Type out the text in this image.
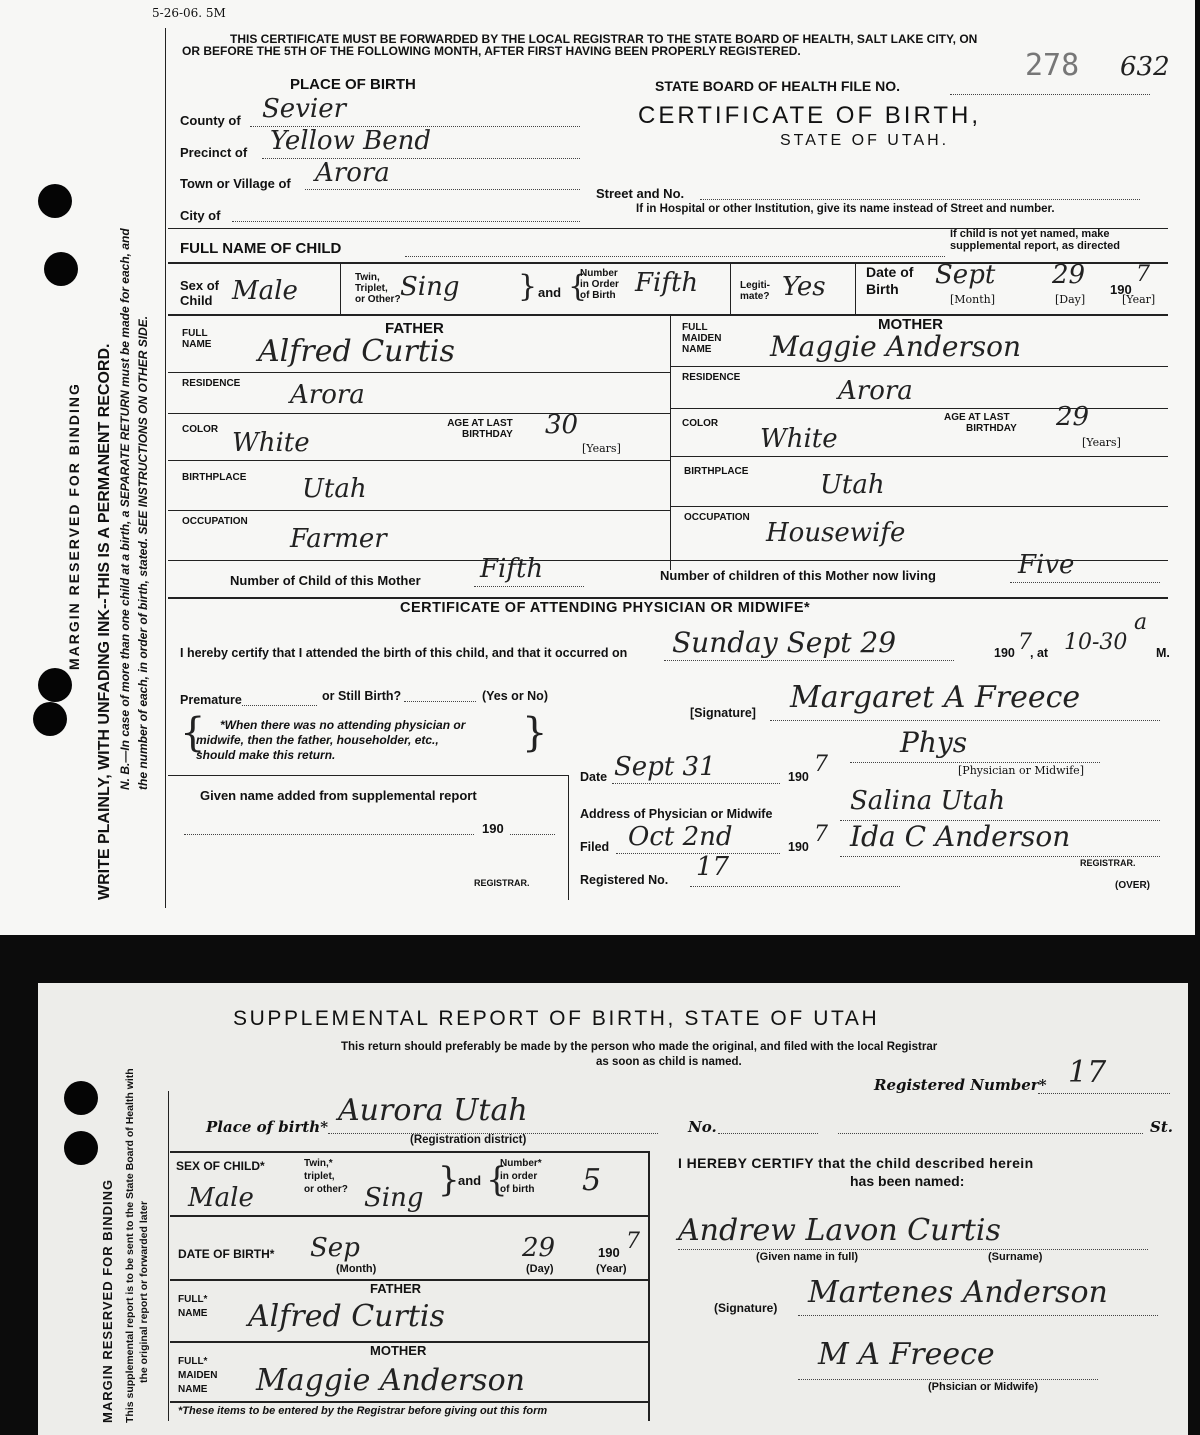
5-26-06. 5M
WRITE PLAINLY, WITH UNFADING INK--THIS IS A PERMANENT RECORD.
MARGIN RESERVED FOR BINDING	N. B.—In case of more than one child at a birth, a SEPARATE RETURN must be made for each, and the number of each, in order of birth, stated. SEE INSTRUCTIONS ON OTHER SIDE.
THIS CERTIFICATE MUST BE FORWARDED BY THE LOCAL REGISTRAR TO THE STATE BOARD OF HEALTH, SALT LAKE CITY, ON
OR BEFORE THE 5TH OF THE FOLLOWING MONTH, AFTER FIRST HAVING BEEN PROPERLY REGISTERED.
PLACE OF BIRTH	STATE BOARD OF HEALTH FILE NO.
278 632
CERTIFICATE OF BIRTH,
STATE OF UTAH.
County of Sevier
Precinct of Yellow Bend
Town or Village of Arora
City of
Street and No.
If in Hospital or other Institution, give its name instead of Street and number.
FULL NAME OF CHILD
If child is not yet named, make
supplemental report, as directed
Sex of
Child Male	Twin,
Triplet,
or Other? Sing } and {
Number
in Order
of Birth Fifth	Legiti-
mate? Yes	Date of
Birth	Sept 29 190
7
[Month]	[Day]	[Year]
FATHER
FULL
NAME Alfred Curtis
RESIDENCE Arora
COLOR White
AGE AT LAST
BIRTHDAY 30
[Years]
BIRTHPLACE Utah
OCCUPATION
Farmer
MOTHER
FULL
MAIDEN
NAME	Maggie Anderson
RESIDENCE	Arora
COLOR
White
AGE AT LAST
BIRTHDAY 29
[Years]
BIRTHPLACE	Utah
OCCUPATION
Housewife
Number of Child of this Mother Fifth	Number of children of this Mother now living	Five
CERTIFICATE OF ATTENDING PHYSICIAN OR MIDWIFE*
I hereby certify that I attended the birth of this child, and that it occurred on Sunday Sept 29	190 7
, at 10-30
a
M.
Premature	or Still Birth?	(Yes or No)
{	*When there was no attending physician or
midwife, then the father, householder, etc.,
should make this return.	}	[Signature] Margaret A Freece
Phys
[Physician or Midwife]
Date Sept 31	190 7
Address of Physician or Midwife	Salina Utah
Filed Oct 2nd	190 7 Ida C Anderson
REGISTRAR.
Registered No. 17
(OVER)
Given name added from supplemental report
190
REGISTRAR.
MARGIN RESERVED FOR BINDING This supplemental report is to be sent to the State Board of Health with the original report or forwarded later
SUPPLEMENTAL REPORT OF BIRTH, STATE OF UTAH
This return should preferably be made by the person who made the original, and filed with the local Registrar
as soon as child is named.
Registered Number* 17
Place of birth* Aurora Utah
(Registration district)
No.	St.
SEX OF CHILD*
Male
Twin,*
triplet,
or other? Sing }
and {
Number*
in order
of birth 5
DATE OF BIRTH* Sep	29	190 7
(Month)	(Day)	(Year)
FATHER
FULL*
NAME Alfred Curtis
MOTHER
FULL*
MAIDEN
NAME	Maggie Anderson
*These items to be entered by the Registrar before giving out this form
I HEREBY CERTIFY that the child described herein
has been named:
Andrew Lavon Curtis
(Given name in full)	(Surname)
(Signature) Martenes Anderson
M A Freece
(Phsician or Midwife)
